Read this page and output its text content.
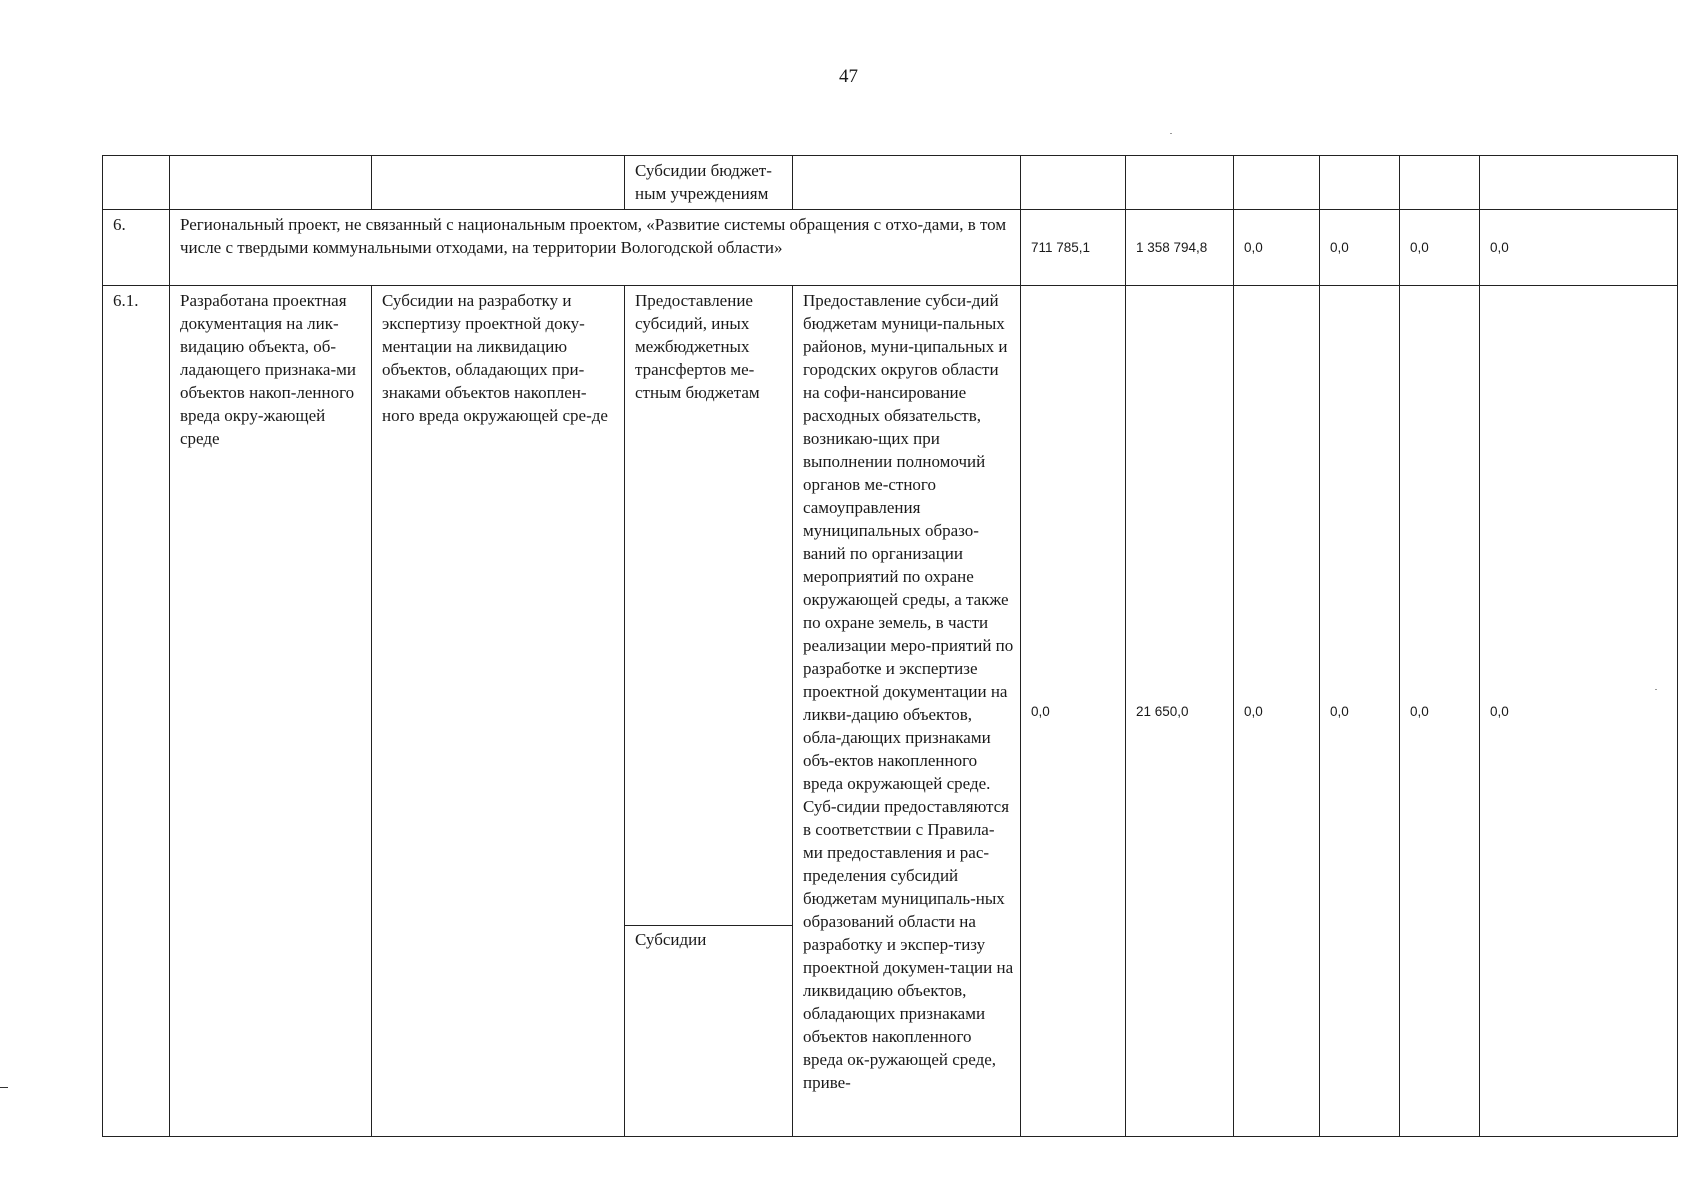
47

			Субсидии бюджет-ным учреждениям							

6.	Региональный проект, не связанный с национальным проектом, «Развитие системы обращения с отхо-дами, в том числе с твердыми коммунальными отходами, на территории Вологодской области»				711 785,1	1 358 794,8	0,0	0,0	0,0	0,0

6.1.	Разработана проектная документация на лик-видацию объекта, об-ладающего признака-ми объектов накоп-ленного вреда окру-жающей среде	Субсидии на разработку и экспертизу проектной доку-ментации на ликвидацию объектов, обладающих при-знаками объектов накоплен-ного вреда окружающей сре-де	Предоставление субсидий, иных межбюджетных трансфертов ме-стным бюджетам	Предоставление субси-дий бюджетам муници-пальных районов, муни-ципальных и городских округов области на софи-нансирование расходных обязательств, возникаю-щих при выполнении полномочий органов ме-стного самоуправления муниципальных образо-ваний по организации мероприятий по охране окружающей среды, а также по охране земель, в части реализации меро-приятий по разработке и экспертизе проектной документации на ликви-дацию объектов, обла-дающих признаками объ-ектов накопленного вреда окружающей среде. Суб-сидии предоставляются в соответствии с Правила-ми предоставления и рас-пределения субсидий бюджетам муниципаль-ных образований области на разработку и экспер-тизу проектной докумен-тации на ликвидацию объектов, обладающих признаками объектов накопленного вреда ок-ружающей среде, приве-	0,0	21 650,0	0,0	0,0	0,0	0,0

			Субсидии							
